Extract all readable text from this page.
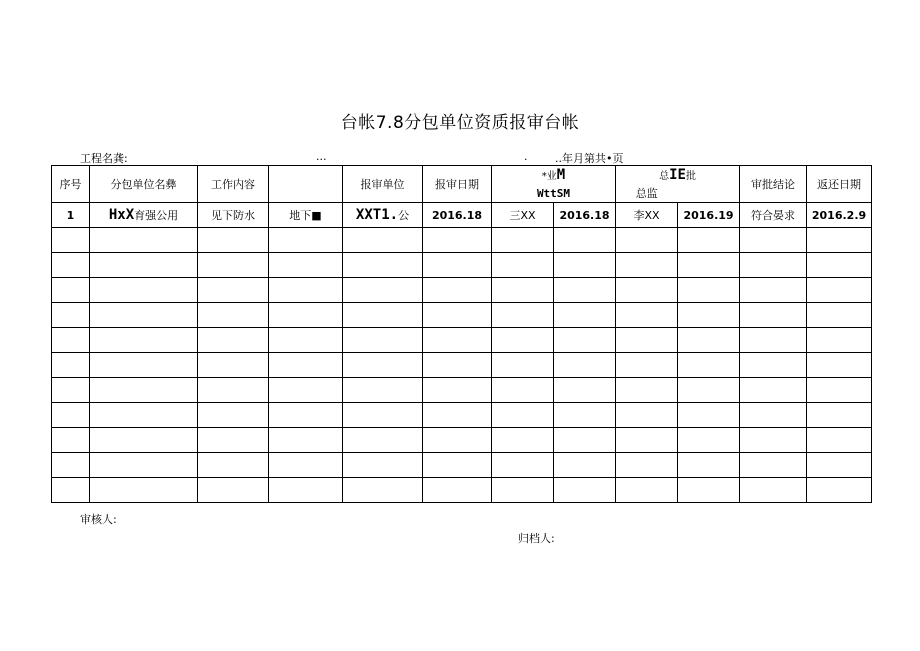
台帐7.8分包单位资质报审台帐
工程名龚:	...	.	..年月第共•页
序号	分包单位名彝	工作内容		报审单位	报审日期	*业M		总IE批		审批结论	返还日期
						WttSM		总监			
1	HxX育强公用	见下防水	地下■	XXT1.公	2016.18	三XX	2016.18	李XX	2016.19	符合晏求	2016.2.9

审核人:
归档人:
